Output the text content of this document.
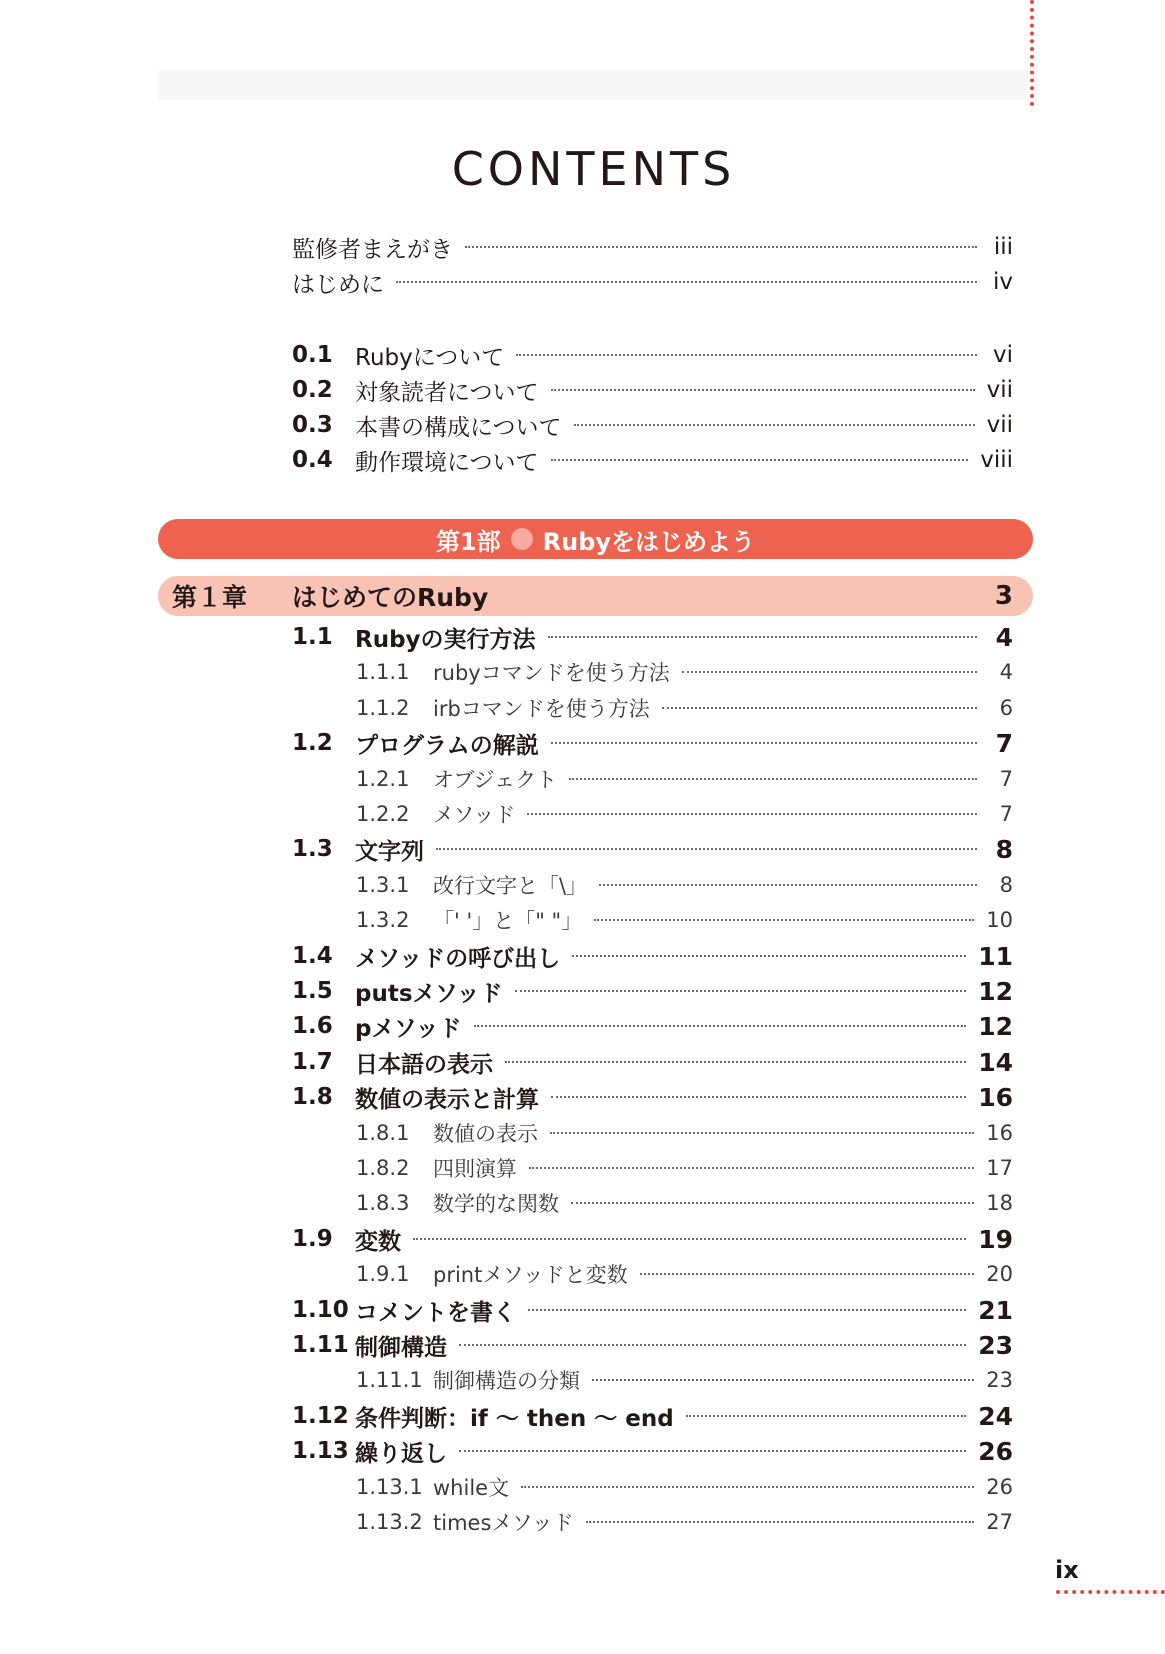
CONTENTS
監修者まえがき	iii
はじめに	iv
0.1 Rubyについて	vi
0.2 対象読者について	vii
0.3 本書の構成について	vii
0.4 動作環境について	viii
第1部 Rubyをはじめよう
第１章 はじめてのRuby	3
1.1 Rubyの実行方法	4
1.1.1	rubyコマンドを使う方法	4
1.1.2	irbコマンドを使う方法	6
1.2 プログラムの解説	7
1.2.1	オブジェクト	7
1.2.2	メソッド	7
1.3 文字列	8
1.3.1	改行文字と「\」	8
1.3.2	「' '」と「" "」	10
1.4 メソッドの呼び出し	11
1.5 putsメソッド	12
1.6 pメソッド	12
1.7 日本語の表示	14
1.8 数値の表示と計算	16
1.8.1	数値の表示	16
1.8.2	四則演算	17
1.8.3	数学的な関数	18
1.9 変数	19
1.9.1	printメソッドと変数	20
1.10 コメントを書く	21
1.11 制御構造	23
1.11.1 制御構造の分類	23
1.12 条件判断：if 〜 then 〜 end	24
1.13 繰り返し	26
1.13.1 while文	26
1.13.2 timesメソッド	27
ix
